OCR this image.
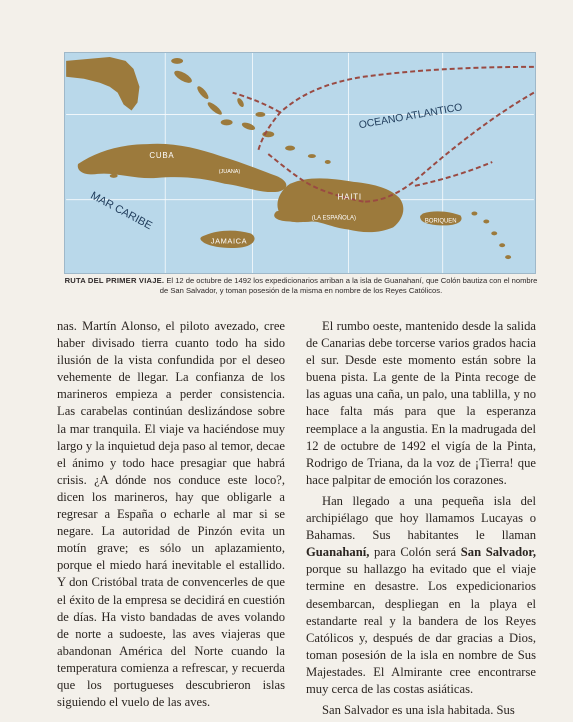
OCEANO ATLANTICO
MAR CARIBE
CUBA
(JUANA)
HAITI
(LA ESPAÑOLA)
JAMAICA
BORIQUEN
RUTA DEL PRIMER VIAJE. El 12 de octubre de 1492 los expedicionarios arriban a la isla de Guanahaní, que Colón bautiza con el nombre de San Salvador, y toman posesión de la misma en nombre de los Reyes Católicos.

nas. Martín Alonso, el piloto avezado, cree haber divisado tierra cuanto todo ha sido ilusión de la vista confundida por el deseo vehemente de llegar. La confianza de los marineros empieza a perder consistencia. Las carabelas continúan deslizándose sobre la mar tranquila. El viaje va haciéndose muy largo y la inquietud deja paso al temor, decae el ánimo y todo hace presagiar que habrá crisis. ¿A dónde nos conduce este loco?, dicen los marineros, hay que obligarle a regresar a España o echarle al mar si se negare. La autoridad de Pinzón evita un motín grave; es sólo un aplazamiento, porque el miedo hará inevitable el estallido. Y don Cristóbal trata de convencerles de que el éxito de la empresa se decidirá en cuestión de días. Ha visto bandadas de aves volando de norte a sudoeste, las aves viajeras que abandonan América del Norte cuando la temperatura comienza a refrescar, y recuerda que los portugueses descubrieron islas siguiendo el vuelo de las aves.

El rumbo oeste, mantenido desde la salida de Canarias debe torcerse varios grados hacia el sur. Desde este momento están sobre la buena pista. La gente de la Pinta recoge de las aguas una caña, un palo, una tablilla, y no hace falta más para que la esperanza reemplace a la angustia. En la madrugada del 12 de octubre de 1492 el vigía de la Pinta, Rodrigo de Triana, da la voz de ¡Tierra! que hace palpitar de emoción los corazones.

Han llegado a una pequeña isla del archipiélago que hoy llamamos Lucayas o Bahamas. Sus habitantes le llaman Guanahaní, para Colón será San Salvador, porque su hallazgo ha evitado que el viaje termine en desastre. Los expedicionarios desembarcan, despliegan en la playa el estandarte real y la bandera de los Reyes Católicos y, después de dar gracias a Dios, toman posesión de la isla en nombre de Sus Majestades. El Almirante cree encontrarse muy cerca de las costas asiáticas.

San Salvador es una isla habitada. Sus
